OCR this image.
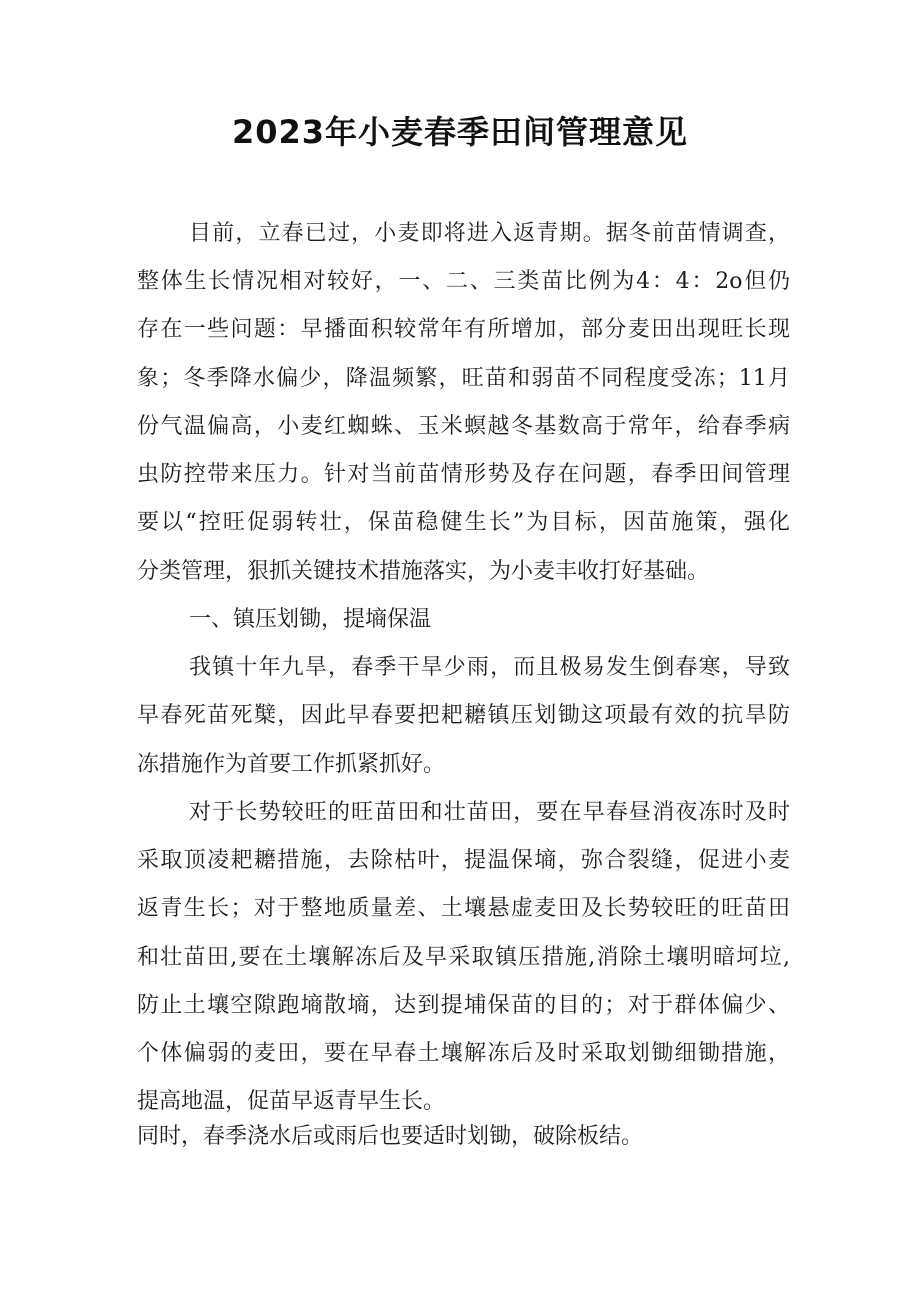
2023年小麦春季田间管理意见
目前，立春已过，小麦即将进入返青期。据冬前苗情调查，
整体生长情况相对较好，一、二、三类苗比例为4：4：2o但仍
存在一些问题：早播面积较常年有所增加，部分麦田出现旺长现
象；冬季降水偏少，降温频繁，旺苗和弱苗不同程度受冻；11月
份气温偏高，小麦红蜘蛛、玉米螟越冬基数高于常年，给春季病
虫防控带来压力。针对当前苗情形势及存在问题，春季田间管理
要以“控旺促弱转壮，保苗稳健生长”为目标，因苗施策，强化
分类管理，狠抓关键技术措施落实，为小麦丰收打好基础。
一、镇压划锄，提墒保温
我镇十年九旱，春季干旱少雨，而且极易发生倒春寒，导致
早春死苗死櫱，因此早春要把耙耱镇压划锄这项最有效的抗旱防
冻措施作为首要工作抓紧抓好。
对于长势较旺的旺苗田和壮苗田，要在早春昼消夜冻时及时
采取顶凌耙耱措施，去除枯叶，提温保墒，弥合裂缝，促进小麦
返青生长；对于整地质量差、土壤悬虚麦田及长势较旺的旺苗田
和壮苗田,要在土壤解冻后及早采取镇压措施,消除土壤明暗坷垃,
防止土壤空隙跑墒散墒，达到提埔保苗的目的；对于群体偏少、
个体偏弱的麦田，要在早春土壤解冻后及时采取划锄细锄措施，
提高地温，促苗早返青早生长。
同时，春季浇水后或雨后也要适时划锄，破除板结。
